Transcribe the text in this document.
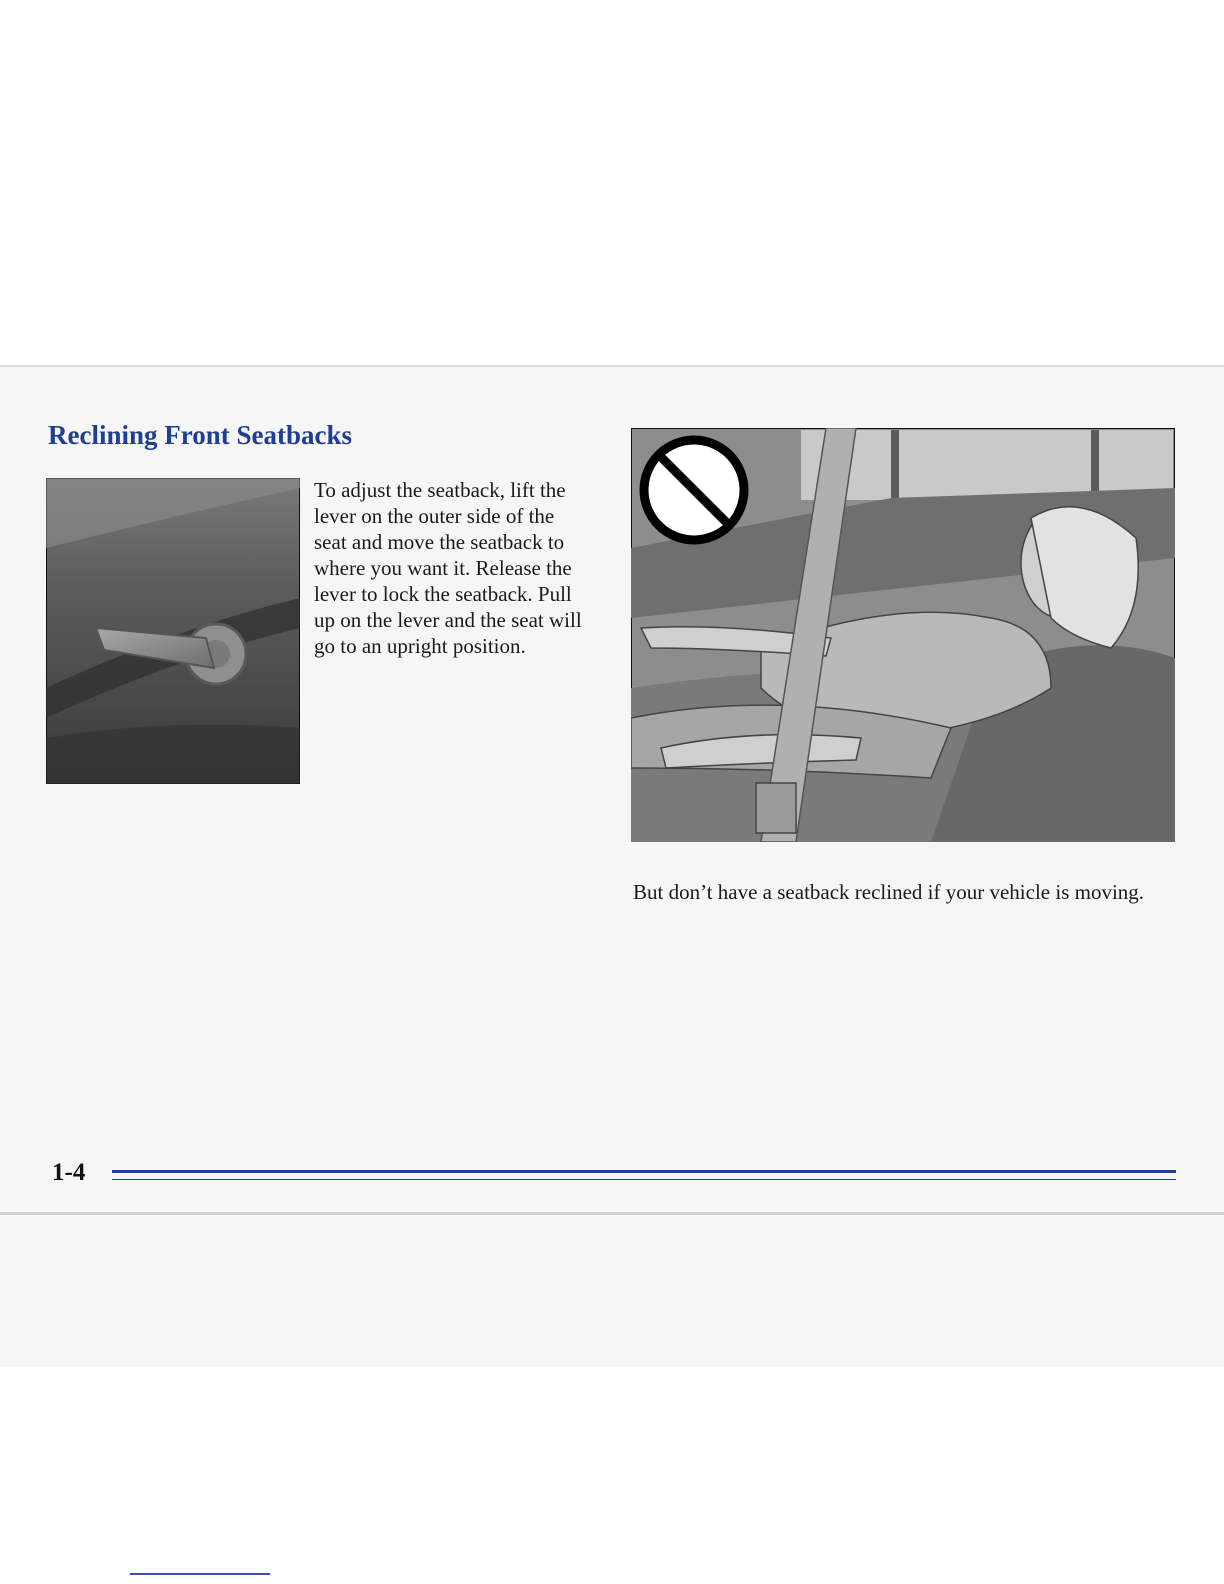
Reclining Front Seatbacks

To adjust the seatback, lift the lever on the outer side of the seat and move the seatback to where you want it. Release the lever to lock the seatback. Pull up on the lever and the seat will go to an upright position.

But don’t have a seatback reclined if your vehicle is moving.

1-4
